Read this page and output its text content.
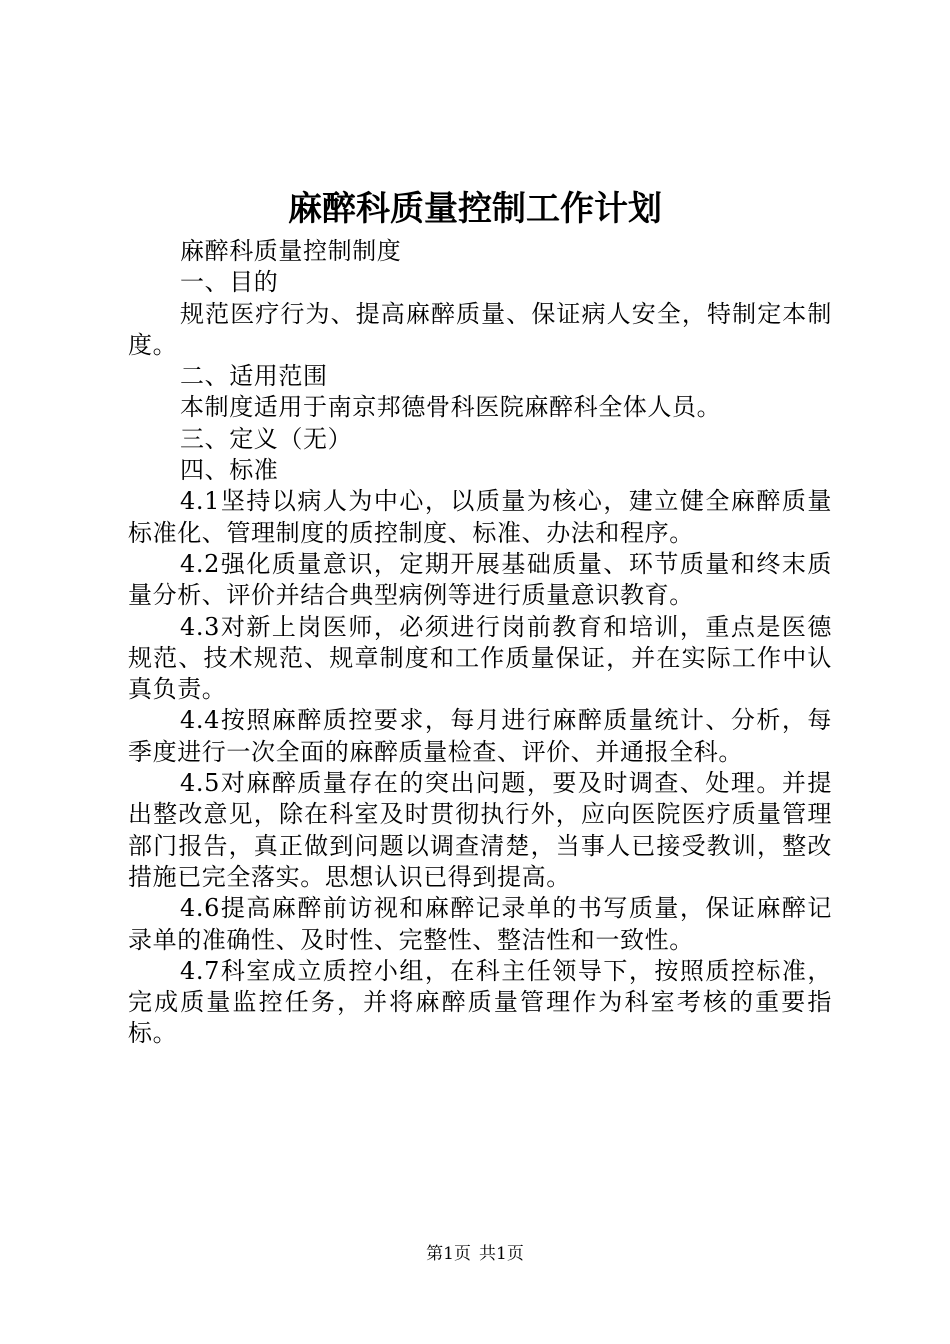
麻醉科质量控制工作计划

麻醉科质量控制制度

一、目的

规范医疗行为、提高麻醉质量、保证病人安全，特制定本制度。

二、适用范围

本制度适用于南京邦德骨科医院麻醉科全体人员。

三、定义（无）

四、标准

4.1坚持以病人为中心，以质量为核心，建立健全麻醉质量标准化、管理制度的质控制度、标准、办法和程序。

4.2强化质量意识，定期开展基础质量、环节质量和终末质量分析、评价并结合典型病例等进行质量意识教育。

4.3对新上岗医师，必须进行岗前教育和培训，重点是医德规范、技术规范、规章制度和工作质量保证，并在实际工作中认真负责。

4.4按照麻醉质控要求，每月进行麻醉质量统计、分析，每季度进行一次全面的麻醉质量检查、评价、并通报全科。

4.5对麻醉质量存在的突出问题，要及时调查、处理。并提出整改意见，除在科室及时贯彻执行外，应向医院医疗质量管理部门报告，真正做到问题以调查清楚，当事人已接受教训，整改措施已完全落实。思想认识已得到提高。

4.6提高麻醉前访视和麻醉记录单的书写质量，保证麻醉记录单的准确性、及时性、完整性、整洁性和一致性。

4.7科室成立质控小组，在科主任领导下，按照质控标准，完成质量监控任务，并将麻醉质量管理作为科室考核的重要指标。

第1页 共1页
